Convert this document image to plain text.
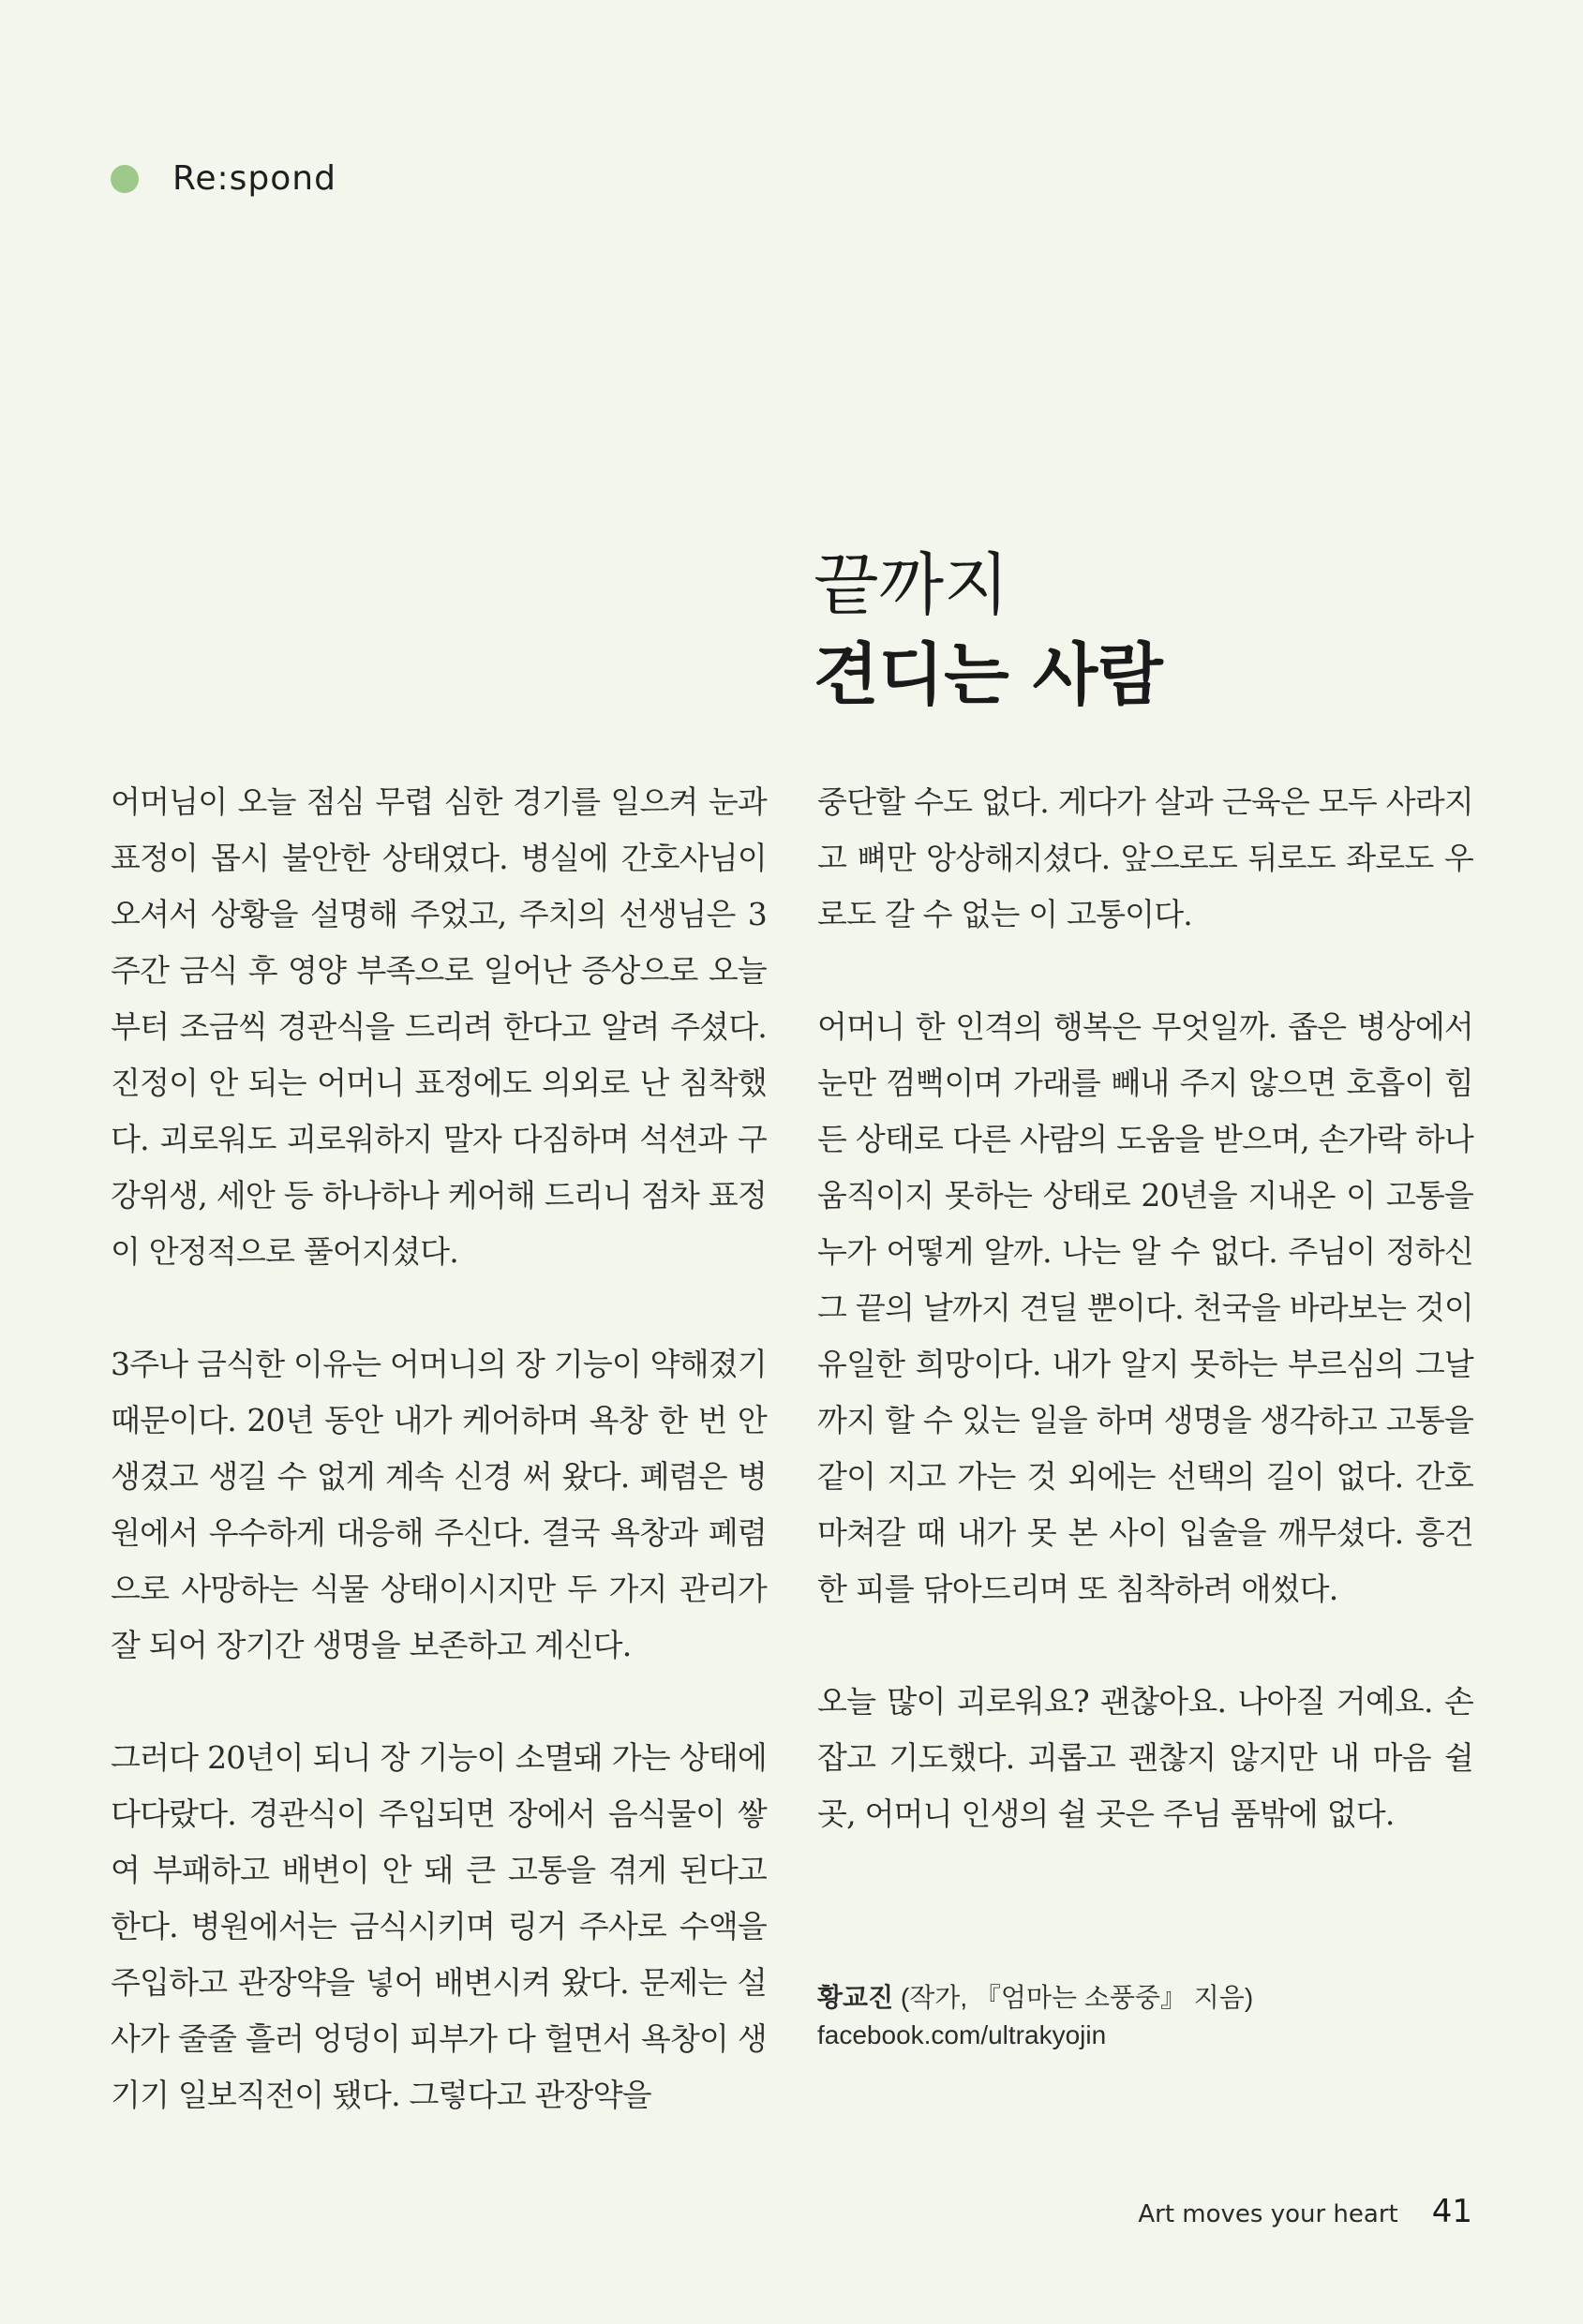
Re:spond
끝까지
견디는 사람

어머님이 오늘 점심 무렵 심한 경기를 일으켜 눈과 표정이 몹시 불안한 상태였다. 병실에 간호사님이 오셔서 상황을 설명해 주었고, 주치의 선생님은 3주간 금식 후 영양 부족으로 일어난 증상으로 오늘부터 조금씩 경관식을 드리려 한다고 알려 주셨다. 진정이 안 되는 어머니 표정에도 의외로 난 침착했다. 괴로워도 괴로워하지 말자 다짐하며 석션과 구강위생, 세안 등 하나하나 케어해 드리니 점차 표정이 안정적으로 풀어지셨다.

3주나 금식한 이유는 어머니의 장 기능이 약해졌기 때문이다. 20년 동안 내가 케어하며 욕창 한 번 안 생겼고 생길 수 없게 계속 신경 써 왔다. 폐렴은 병원에서 우수하게 대응해 주신다. 결국 욕창과 폐렴으로 사망하는 식물 상태이시지만 두 가지 관리가 잘 되어 장기간 생명을 보존하고 계신다.

그러다 20년이 되니 장 기능이 소멸돼 가는 상태에 다다랐다. 경관식이 주입되면 장에서 음식물이 쌓여 부패하고 배변이 안 돼 큰 고통을 겪게 된다고 한다. 병원에서는 금식시키며 링거 주사로 수액을 주입하고 관장약을 넣어 배변시켜 왔다. 문제는 설사가 줄줄 흘러 엉덩이 피부가 다 헐면서 욕창이 생기기 일보직전이 됐다. 그렇다고 관장약을

중단할 수도 없다. 게다가 살과 근육은 모두 사라지고 뼈만 앙상해지셨다. 앞으로도 뒤로도 좌로도 우로도 갈 수 없는 이 고통이다.

어머니 한 인격의 행복은 무엇일까. 좁은 병상에서 눈만 껌뻑이며 가래를 빼내 주지 않으면 호흡이 힘든 상태로 다른 사람의 도움을 받으며, 손가락 하나 움직이지 못하는 상태로 20년을 지내온 이 고통을 누가 어떻게 알까. 나는 알 수 없다. 주님이 정하신 그 끝의 날까지 견딜 뿐이다. 천국을 바라보는 것이 유일한 희망이다. 내가 알지 못하는 부르심의 그날까지 할 수 있는 일을 하며 생명을 생각하고 고통을 같이 지고 가는 것 외에는 선택의 길이 없다. 간호 마쳐갈 때 내가 못 본 사이 입술을 깨무셨다. 흥건한 피를 닦아드리며 또 침착하려 애썼다.

오늘 많이 괴로워요? 괜찮아요. 나아질 거예요. 손잡고 기도했다. 괴롭고 괜찮지 않지만 내 마음 쉴 곳, 어머니 인생의 쉴 곳은 주님 품밖에 없다.

황교진 (작가, 『엄마는 소풍중』 지음)
facebook.com/ultrakyojin
Art moves your heart 41
